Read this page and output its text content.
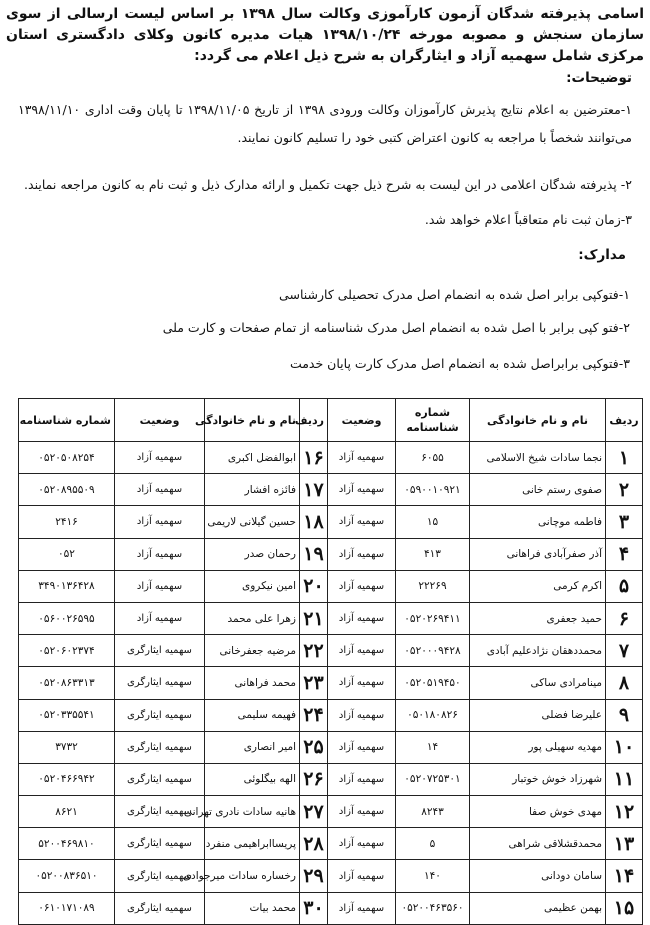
اسامی پذیرفته شدگان آزمون کارآموزی وکالت سال ۱۳۹۸ بر اساس لیست ارسالی از سوی سازمان سنجش و مصوبه مورخه ۱۳۹۸/۱۰/۲۴ هیات مدیره کانون وکلای دادگستری استان مرکزی شامل سهمیه آزاد و ایثارگران به شرح ذیل اعلام می گردد:
توضیحات:
۱-معترضین به اعلام نتایج پذیرش کارآموزان وکالت ورودی ۱۳۹۸ از تاریخ ۱۳۹۸/۱۱/۰۵ تا پایان وقت اداری ۱۳۹۸/۱۱/۱۰ می‌توانند شخصاً با مراجعه به کانون اعتراض کتبی خود را تسلیم کانون نمایند.
۲- پذیرفته شدگان اعلامی در این لیست به شرح ذیل جهت تکمیل و ارائه مدارک ذیل و ثبت نام به کانون مراجعه نمایند.
۳-زمان ثبت نام متعاقباً اعلام خواهد شد.
مدارک:
۱-فتوکپی برابر اصل شده به انضمام اصل مدرک تحصیلی کارشناسی
۲-فتو کپی برابر با اصل شده به انضمام اصل مدرک شناسنامه از تمام صفحات و کارت ملی
۳-فتوکپی برابراصل شده به انضمام اصل مدرک کارت پایان خدمت
ردیف	نام و نام خانوادگی	شماره شناسنامه	وضعیت	ردیف	نام و نام خانوادگی	وضعیت	شماره شناسنامه
۱	نجما سادات شیخ الاسلامی	۶۰۵۵	سهمیه آزاد	۱۶	ابوالفضل اکبری	سهمیه آزاد	۰۵۲۰۵۰۸۲۵۴
۲	صفوی رستم خانی	۰۵۹۰۰۱۰۹۲۱	سهمیه آزاد	۱۷	فائزه افشار	سهمیه آزاد	۰۵۲۰۸۹۵۵۰۹
۳	فاطمه موچانی	۱۵	سهمیه آزاد	۱۸	حسین گیلانی لاریمی	سهمیه آزاد	۲۴۱۶
۴	آذر صفرآبادی فراهانی	۴۱۳	سهمیه آزاد	۱۹	رحمان صدر	سهمیه آزاد	۰۵۲
۵	اکرم کرمی	۲۲۲۶۹	سهمیه آزاد	۲۰	امین نیکروی	سهمیه آزاد	۳۴۹۰۱۳۶۴۲۸
۶	حمید جعفری	۰۵۲۰۲۶۹۴۱۱	سهمیه آزاد	۲۱	زهرا علی محمد	سهمیه آزاد	۰۵۶۰۰۲۶۵۹۵
۷	محمددهقان نژادعلیم آبادی	۰۵۲۰۰۰۹۴۲۸	سهمیه آزاد	۲۲	مرضیه جعفرخانی	سهمیه ایثارگری	۰۵۲۰۶۰۲۳۷۴
۸	مینامرادی ساکی	۰۵۲۰۵۱۹۴۵۰	سهمیه آزاد	۲۳	محمد فراهانی	سهمیه ایثارگری	۰۵۲۰۸۶۳۳۱۳
۹	علیرضا فضلی	۰۵۰۱۸۰۸۲۶	سهمیه آزاد	۲۴	فهیمه سلیمی	سهمیه ایثارگری	۰۵۲۰۳۳۵۵۴۱
۱۰	مهدیه سهیلی پور	۱۴	سهمیه آزاد	۲۵	امیر انصاری	سهمیه ایثارگری	۳۷۳۲
۱۱	شهرزاد خوش خوتبار	۰۵۲۰۷۲۵۳۰۱	سهمیه آزاد	۲۶	الهه بیگلوئی	سهمیه ایثارگری	۰۵۲۰۴۶۶۹۴۲
۱۲	مهدی خوش صفا	۸۲۴۳	سهمیه آزاد	۲۷	هانیه سادات نادری تهرانی	سهمیه ایثارگری	۸۶۲۱
۱۳	محمدقشلاقی شراهی	۵	سهمیه آزاد	۲۸	پریساابراهیمی منفرد	سهمیه ایثارگری	۵۲۰۰۴۶۹۸۱۰
۱۴	سامان دودانی	۱۴۰	سهمیه آزاد	۲۹	رخساره سادات میرجوادی	سهمیه ایثارگری	۰۵۲۰۰۸۳۶۵۱۰
۱۵	بهمن عظیمی	۰۵۲۰۰۴۶۳۵۶۰	سهمیه آزاد	۳۰	محمد بیات	سهمیه ایثارگری	۰۶۱۰۱۷۱۰۸۹
